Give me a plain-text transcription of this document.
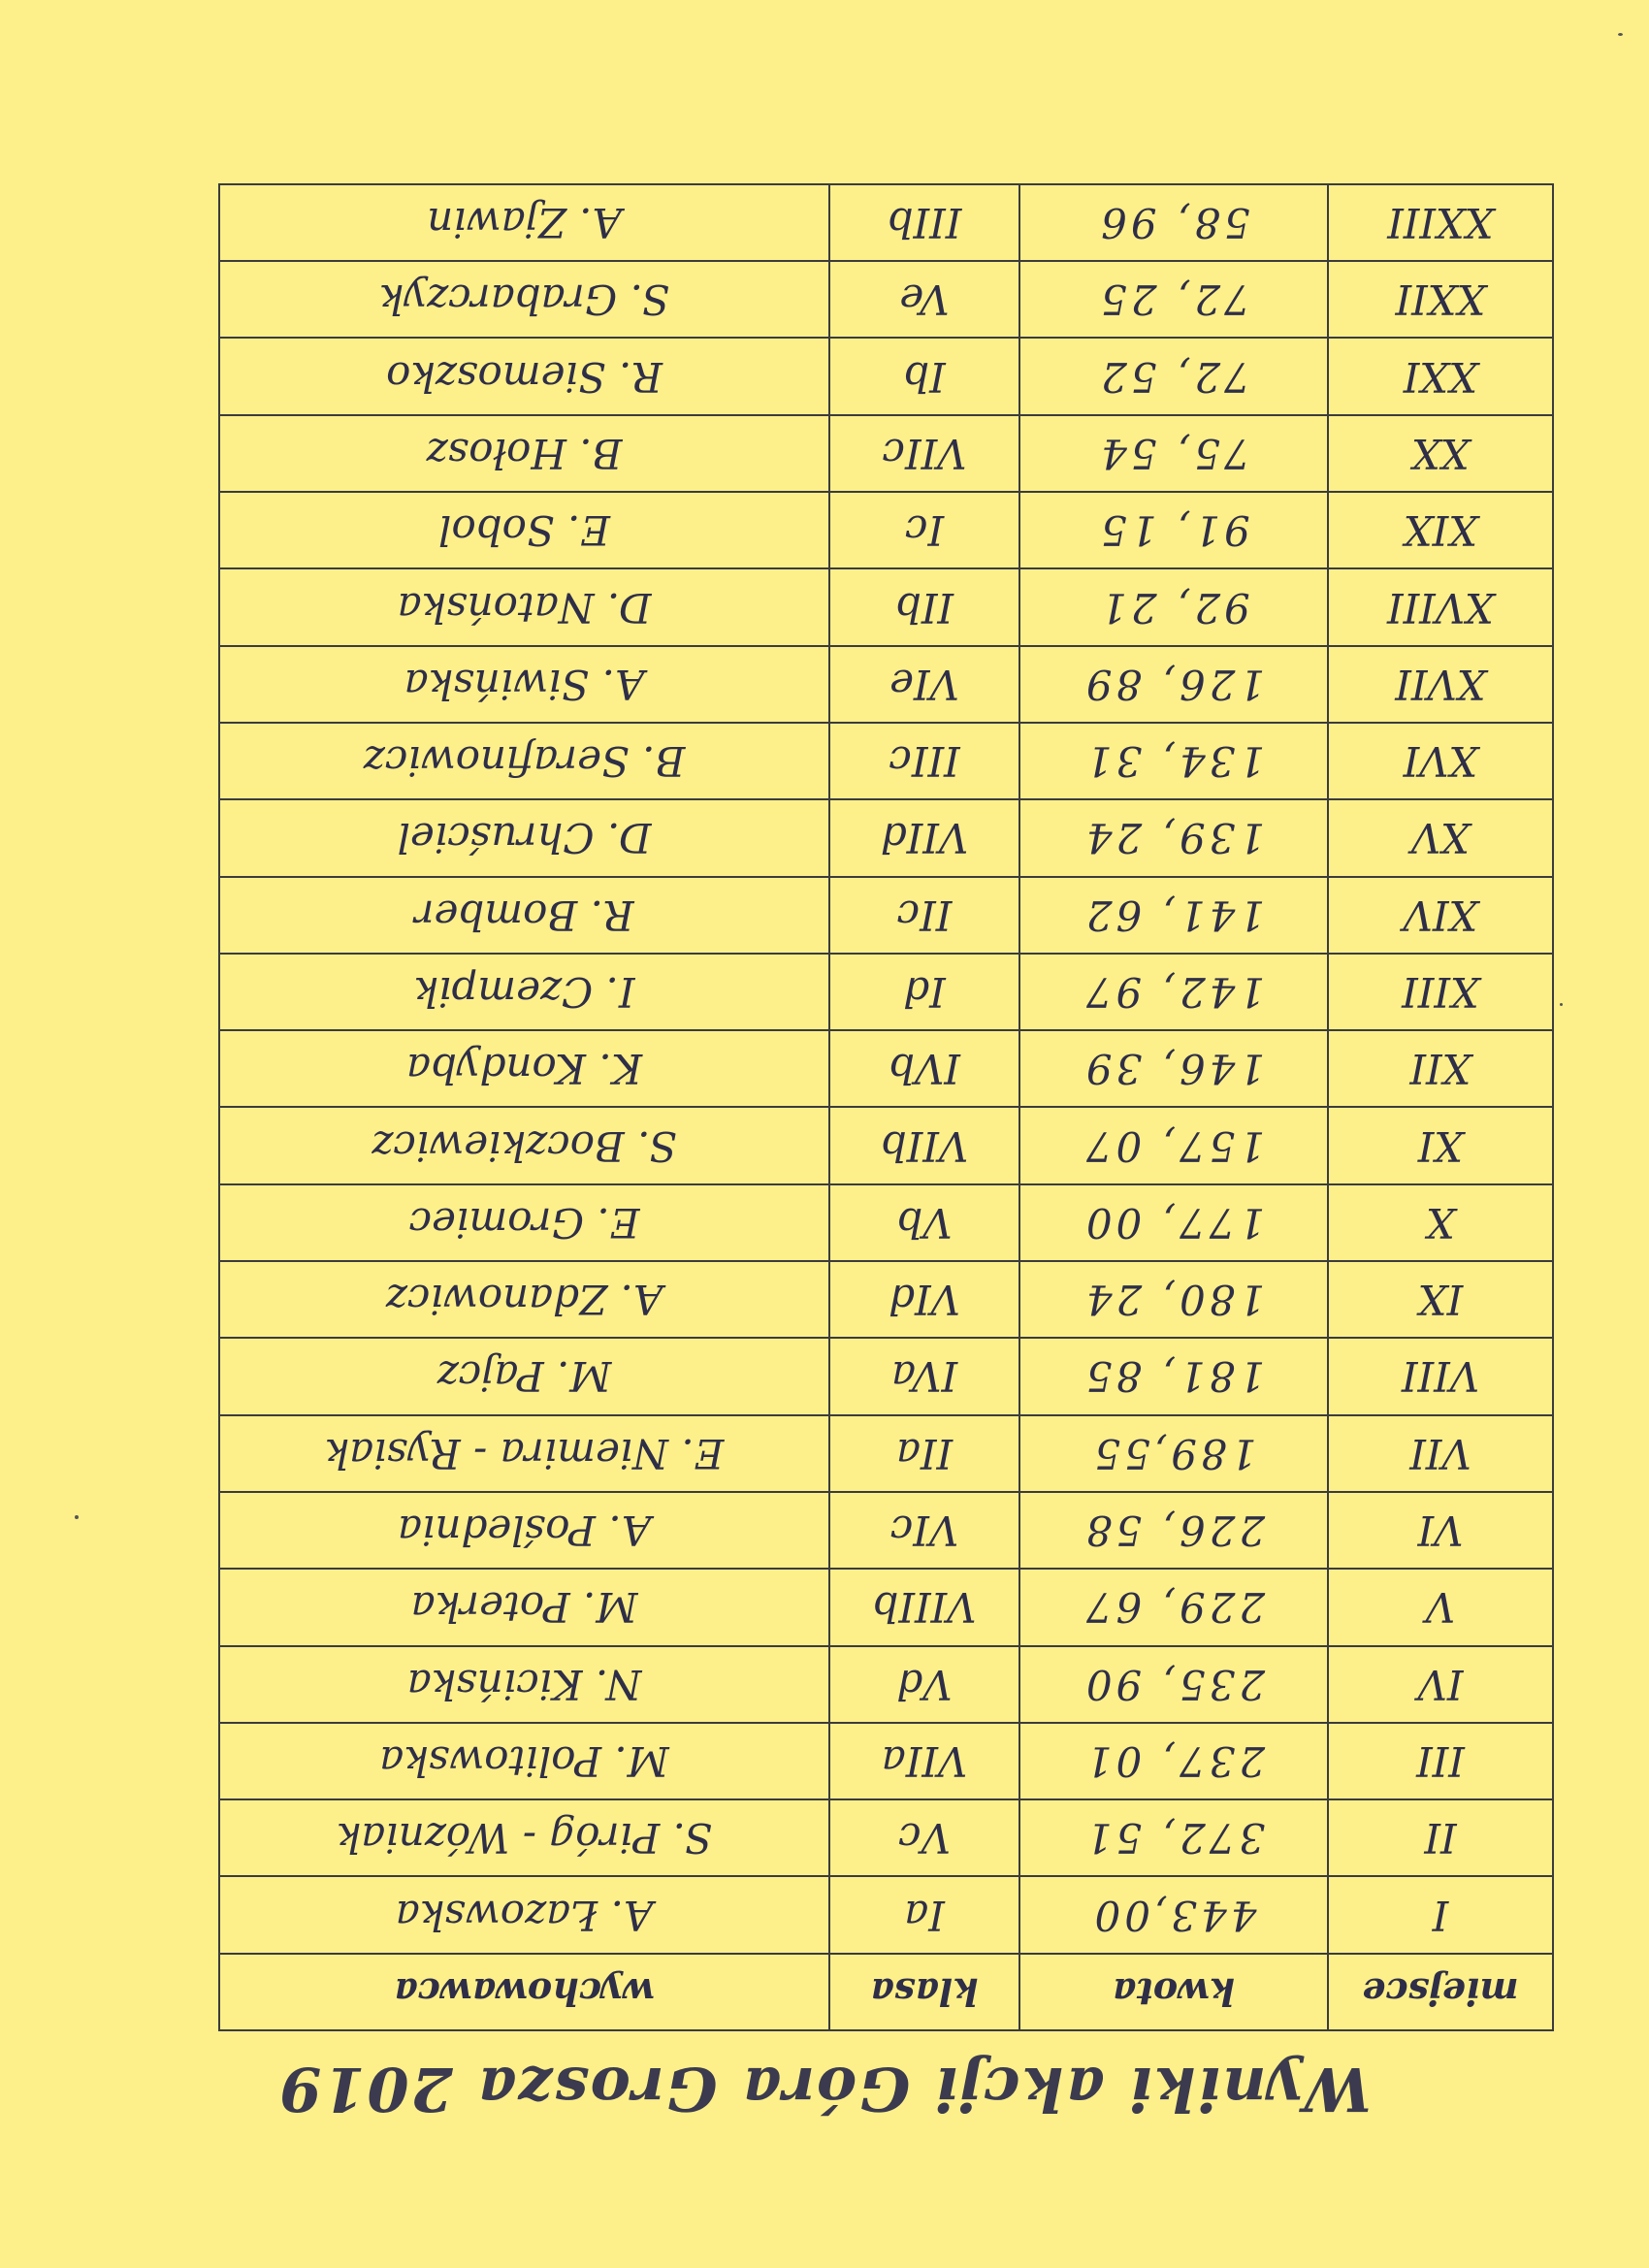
Wyniki akcji Góra Grosza 2019
miejsce	kwota	klasa	wychowawca
I	443,00	Ia	A. Łazowska
II	372, 51	Vc	S. Piróg - Wózniak
III	237, 01	VIIa	M. Politowska
IV	235, 90	Vd	N. Kicińska
V	229, 67	VIIIb	M. Poterka
VI	226, 58	VIc	A. Poślednia
VII	189,55	IIa	E. Niemira - Rysiak
VIII	181, 85	IVa	M. Pajcz
IX	180, 24	VId	A. Zdanowicz
X	177, 00	Vb	E. Gromiec
XI	157, 07	VIIb	S. Boczkiewicz
XII	146, 39	IVb	K. Kondyba
XIII	142, 97	Id	I. Czempik
XIV	141, 62	IIc	R. Bomber
XV	139, 24	VIId	D. Chruściel
XVI	134, 31	IIIc	B. Serafinowicz
XVII	126, 89	VIe	A. Siwińska
XVIII	92, 21	IIb	D. Natońska
XIX	91, 15	Ic	E. Sobol
XX	75, 54	VIIc	B. Hołosz
XXI	72, 52	Ib	R. Siemoszko
XXII	72, 25	Ve	S. Grabarczyk
XXIII	58, 96	IIIb	A. Zjawin
